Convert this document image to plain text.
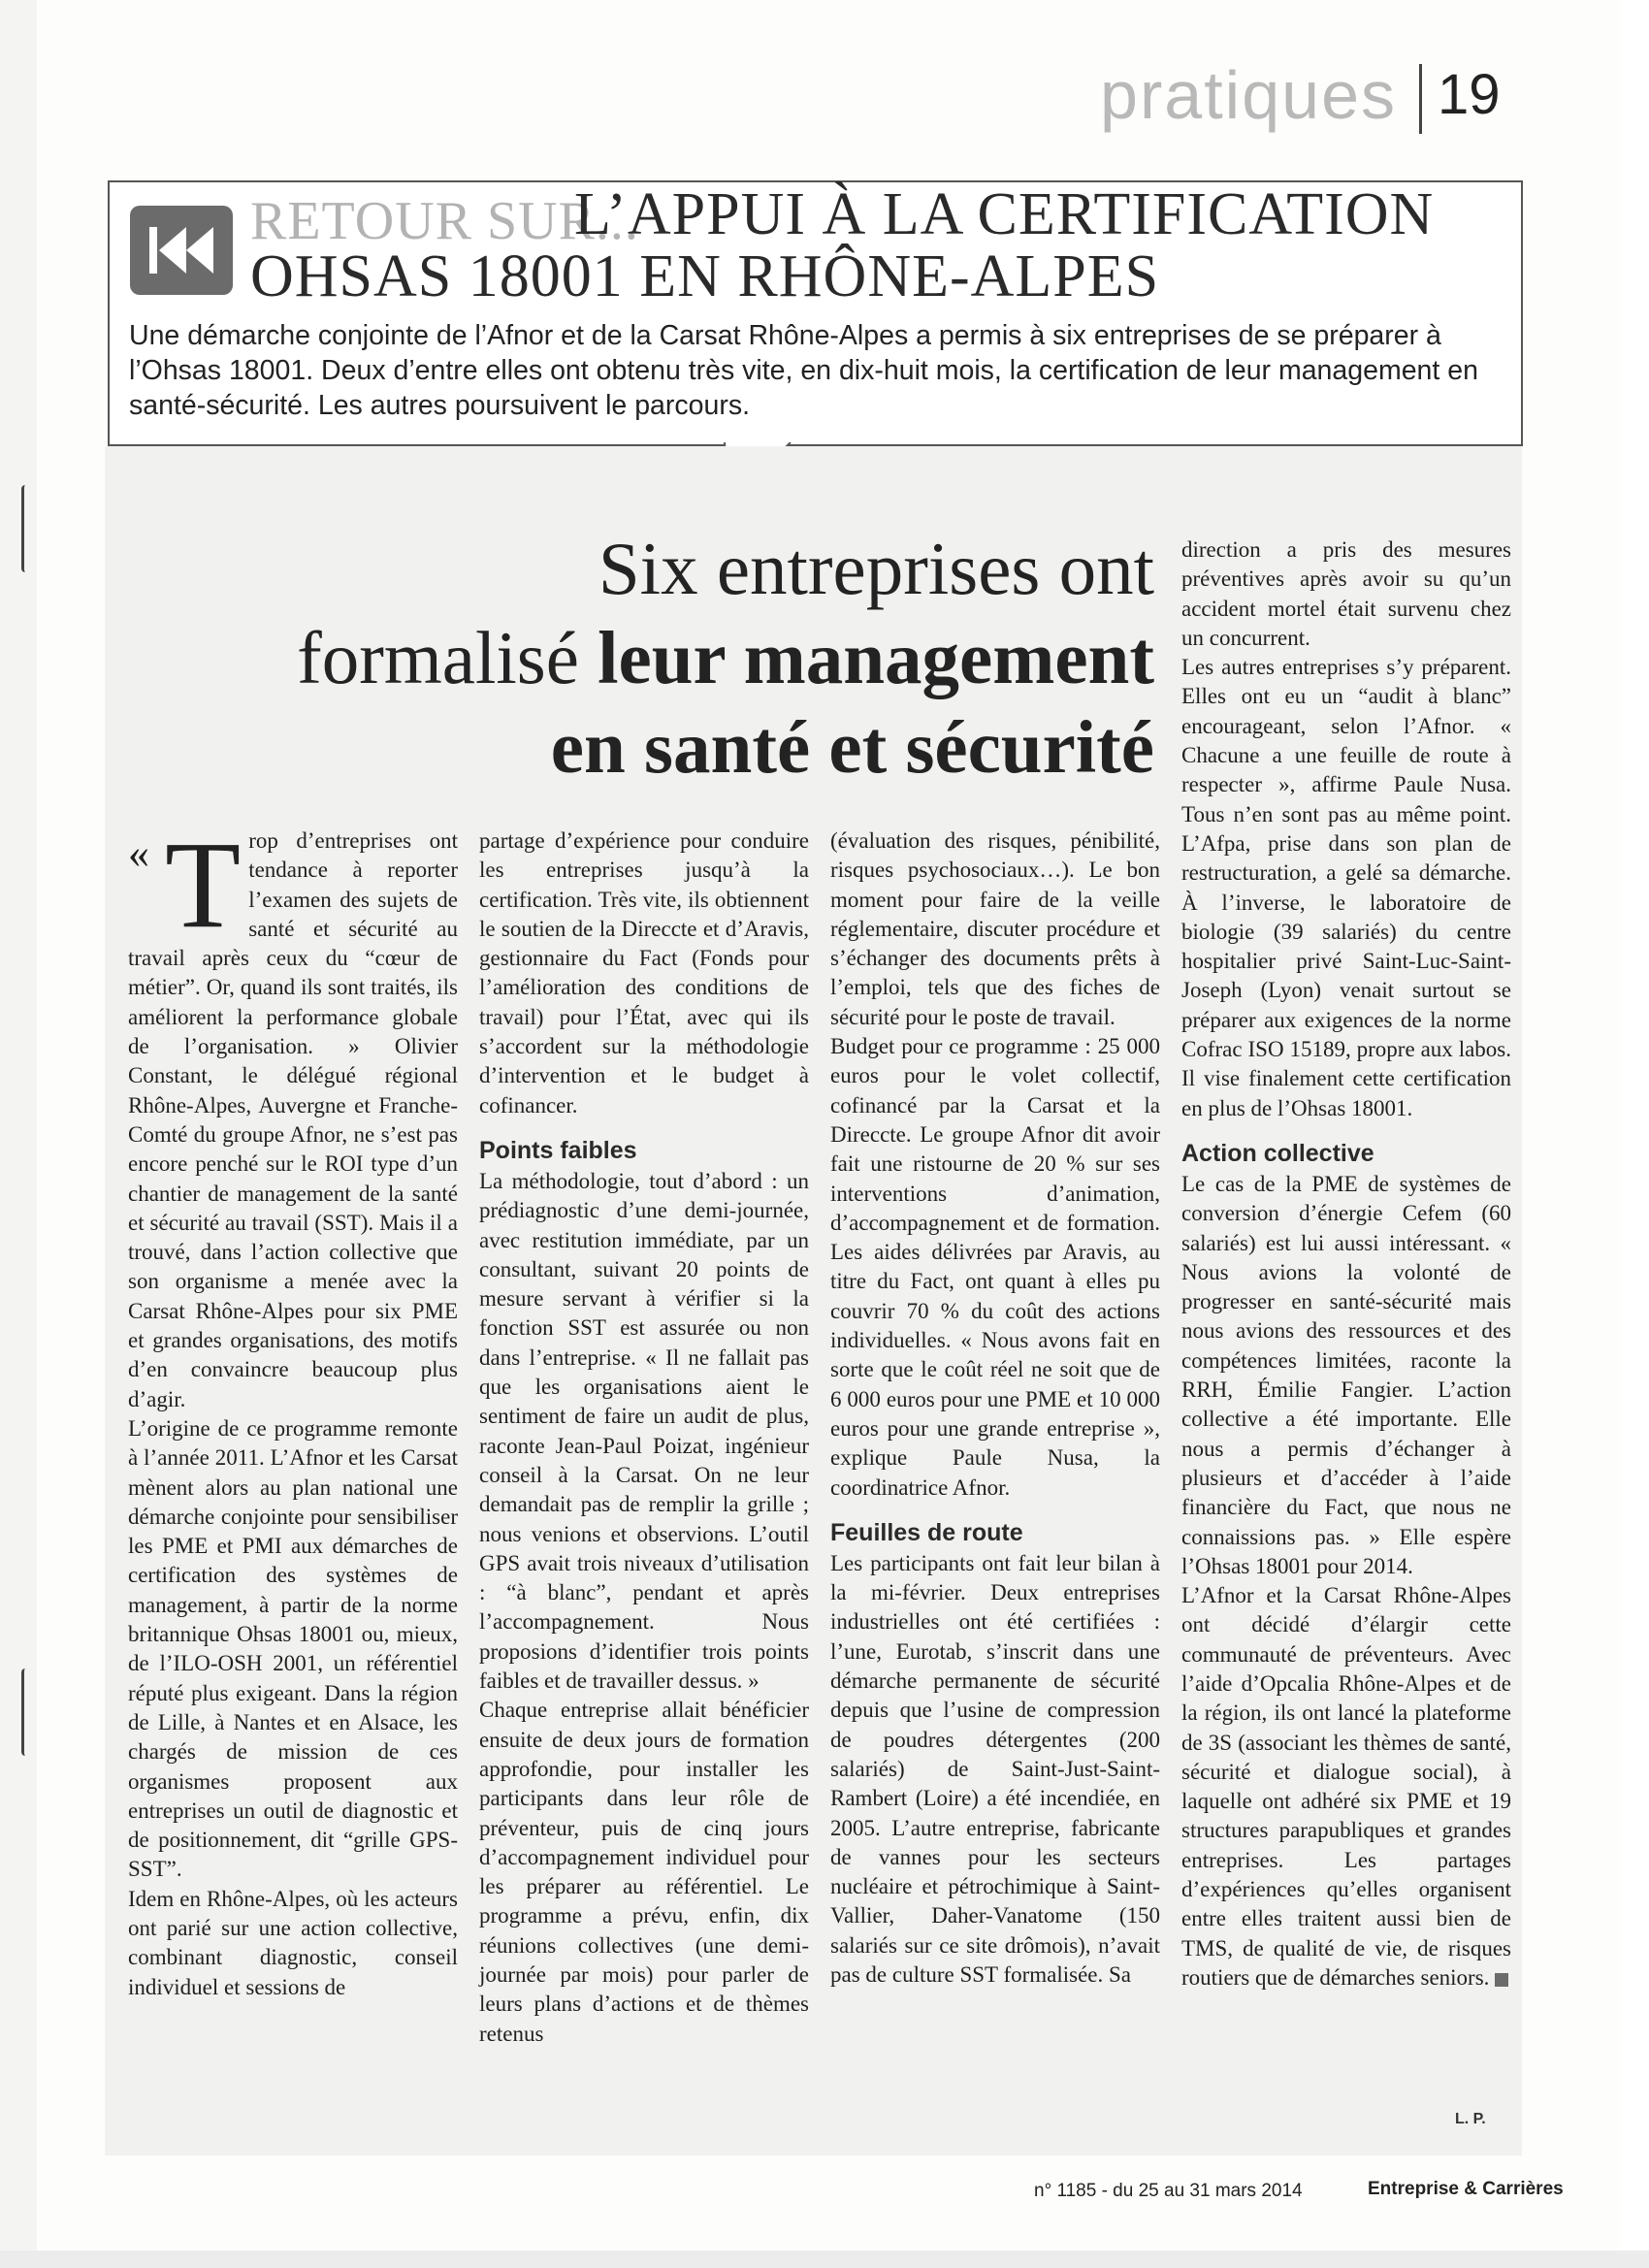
pratiques 19
RETOUR SUR...
L’APPUI À LA CERTIFICATION
OHSAS 18001 EN RHÔNE-ALPES
Une démarche conjointe de l’Afnor et de la Carsat Rhône-Alpes a permis à six entreprises de se préparer à l’Ohsas 18001. Deux d’entre elles ont obtenu très vite, en dix-huit mois, la certification de leur management en santé-sécurité. Les autres poursuivent le parcours.
Six entreprises ont
formalisé leur management
en santé et sécurité
« T rop d’entreprises ont tendance à reporter l’examen des sujets de santé et sécurité au travail après ceux du “cœur de métier”. Or, quand ils sont traités, ils améliorent la performance globale de l’organisation. » Olivier Constant, le délégué régional Rhône-Alpes, Auvergne et Franche-Comté du groupe Afnor, ne s’est pas encore penché sur le ROI type d’un chantier de management de la santé et sécurité au travail (SST). Mais il a trouvé, dans l’action collective que son organisme a menée avec la Carsat Rhône-Alpes pour six PME et grandes organisations, des motifs d’en convaincre beaucoup plus d’agir.

L’origine de ce programme remonte à l’année 2011. L’Afnor et les Carsat mènent alors au plan national une démarche conjointe pour sensibiliser les PME et PMI aux démarches de certification des systèmes de management, à partir de la norme britannique Ohsas 18001 ou, mieux, de l’ILO-OSH 2001, un référentiel réputé plus exigeant. Dans la région de Lille, à Nantes et en Alsace, les chargés de mission de ces organismes proposent aux entreprises un outil de diagnostic et de positionnement, dit “grille GPS-SST”.

Idem en Rhône-Alpes, où les acteurs ont parié sur une action collective, combinant diagnostic, conseil individuel et sessions de

partage d’expérience pour conduire les entreprises jusqu’à la certification. Très vite, ils obtiennent le soutien de la Direccte et d’Aravis, gestionnaire du Fact (Fonds pour l’amélioration des conditions de travail) pour l’État, avec qui ils s’accordent sur la méthodologie d’intervention et le budget à cofinancer.

Points faibles

La méthodologie, tout d’abord : un prédiagnostic d’une demi-journée, avec restitution immédiate, par un consultant, suivant 20 points de mesure servant à vérifier si la fonction SST est assurée ou non dans l’entreprise. « Il ne fallait pas que les organisations aient le sentiment de faire un audit de plus, raconte Jean-Paul Poizat, ingénieur conseil à la Carsat. On ne leur demandait pas de remplir la grille ; nous venions et observions. L’outil GPS avait trois niveaux d’utilisation : “à blanc”, pendant et après l’accompagnement. Nous proposions d’identifier trois points faibles et de travailler dessus. »

Chaque entreprise allait bénéficier ensuite de deux jours de formation approfondie, pour installer les participants dans leur rôle de préventeur, puis de cinq jours d’accompagnement individuel pour les préparer au référentiel. Le programme a prévu, enfin, dix réunions collectives (une demi-journée par mois) pour parler de leurs plans d’actions et de thèmes retenus

(évaluation des risques, pénibilité, risques psychosociaux…). Le bon moment pour faire de la veille réglementaire, discuter procédure et s’échanger des documents prêts à l’emploi, tels que des fiches de sécurité pour le poste de travail.

Budget pour ce programme : 25 000 euros pour le volet collectif, cofinancé par la Carsat et la Direccte. Le groupe Afnor dit avoir fait une ristourne de 20 % sur ses interventions d’animation, d’accompagnement et de formation. Les aides délivrées par Aravis, au titre du Fact, ont quant à elles pu couvrir 70 % du coût des actions individuelles. « Nous avons fait en sorte que le coût réel ne soit que de 6 000 euros pour une PME et 10 000 euros pour une grande entreprise », explique Paule Nusa, la coordinatrice Afnor.

Feuilles de route

Les participants ont fait leur bilan à la mi-février. Deux entreprises industrielles ont été certifiées : l’une, Eurotab, s’inscrit dans une démarche permanente de sécurité depuis que l’usine de compression de poudres détergentes (200 salariés) de Saint-Just-Saint-Rambert (Loire) a été incendiée, en 2005. L’autre entreprise, fabricante de vannes pour les secteurs nucléaire et pétrochimique à Saint-Vallier, Daher-Vanatome (150 salariés sur ce site drômois), n’avait pas de culture SST formalisée. Sa

direction a pris des mesures préventives après avoir su qu’un accident mortel était survenu chez un concurrent.

Les autres entreprises s’y préparent. Elles ont eu un “audit à blanc” encourageant, selon l’Afnor. « Chacune a une feuille de route à respecter », affirme Paule Nusa. Tous n’en sont pas au même point. L’Afpa, prise dans son plan de restructuration, a gelé sa démarche. À l’inverse, le laboratoire de biologie (39 salariés) du centre hospitalier privé Saint-Luc-Saint-Joseph (Lyon) venait surtout se préparer aux exigences de la norme Cofrac ISO 15189, propre aux labos. Il vise finalement cette certification en plus de l’Ohsas 18001.

Action collective

Le cas de la PME de systèmes de conversion d’énergie Cefem (60 salariés) est lui aussi intéressant. « Nous avions la volonté de progresser en santé-sécurité mais nous avions des ressources et des compétences limitées, raconte la RRH, Émilie Fangier. L’action collective a été importante. Elle nous a permis d’échanger à plusieurs et d’accéder à l’aide financière du Fact, que nous ne connaissions pas. » Elle espère l’Ohsas 18001 pour 2014.

L’Afnor et la Carsat Rhône-Alpes ont décidé d’élargir cette communauté de préventeurs. Avec l’aide d’Opcalia Rhône-Alpes et de la région, ils ont lancé la plateforme de 3S (associant les thèmes de santé, sécurité et dialogue social), à laquelle ont adhéré six PME et 19 structures parapubliques et grandes entreprises. Les partages d’expériences qu’elles organisent entre elles traitent aussi bien de TMS, de qualité de vie, de risques routiers que de démarches seniors.

L. P.
n° 1185 - du 25 au 31 mars 2014	Entreprise & Carrières
